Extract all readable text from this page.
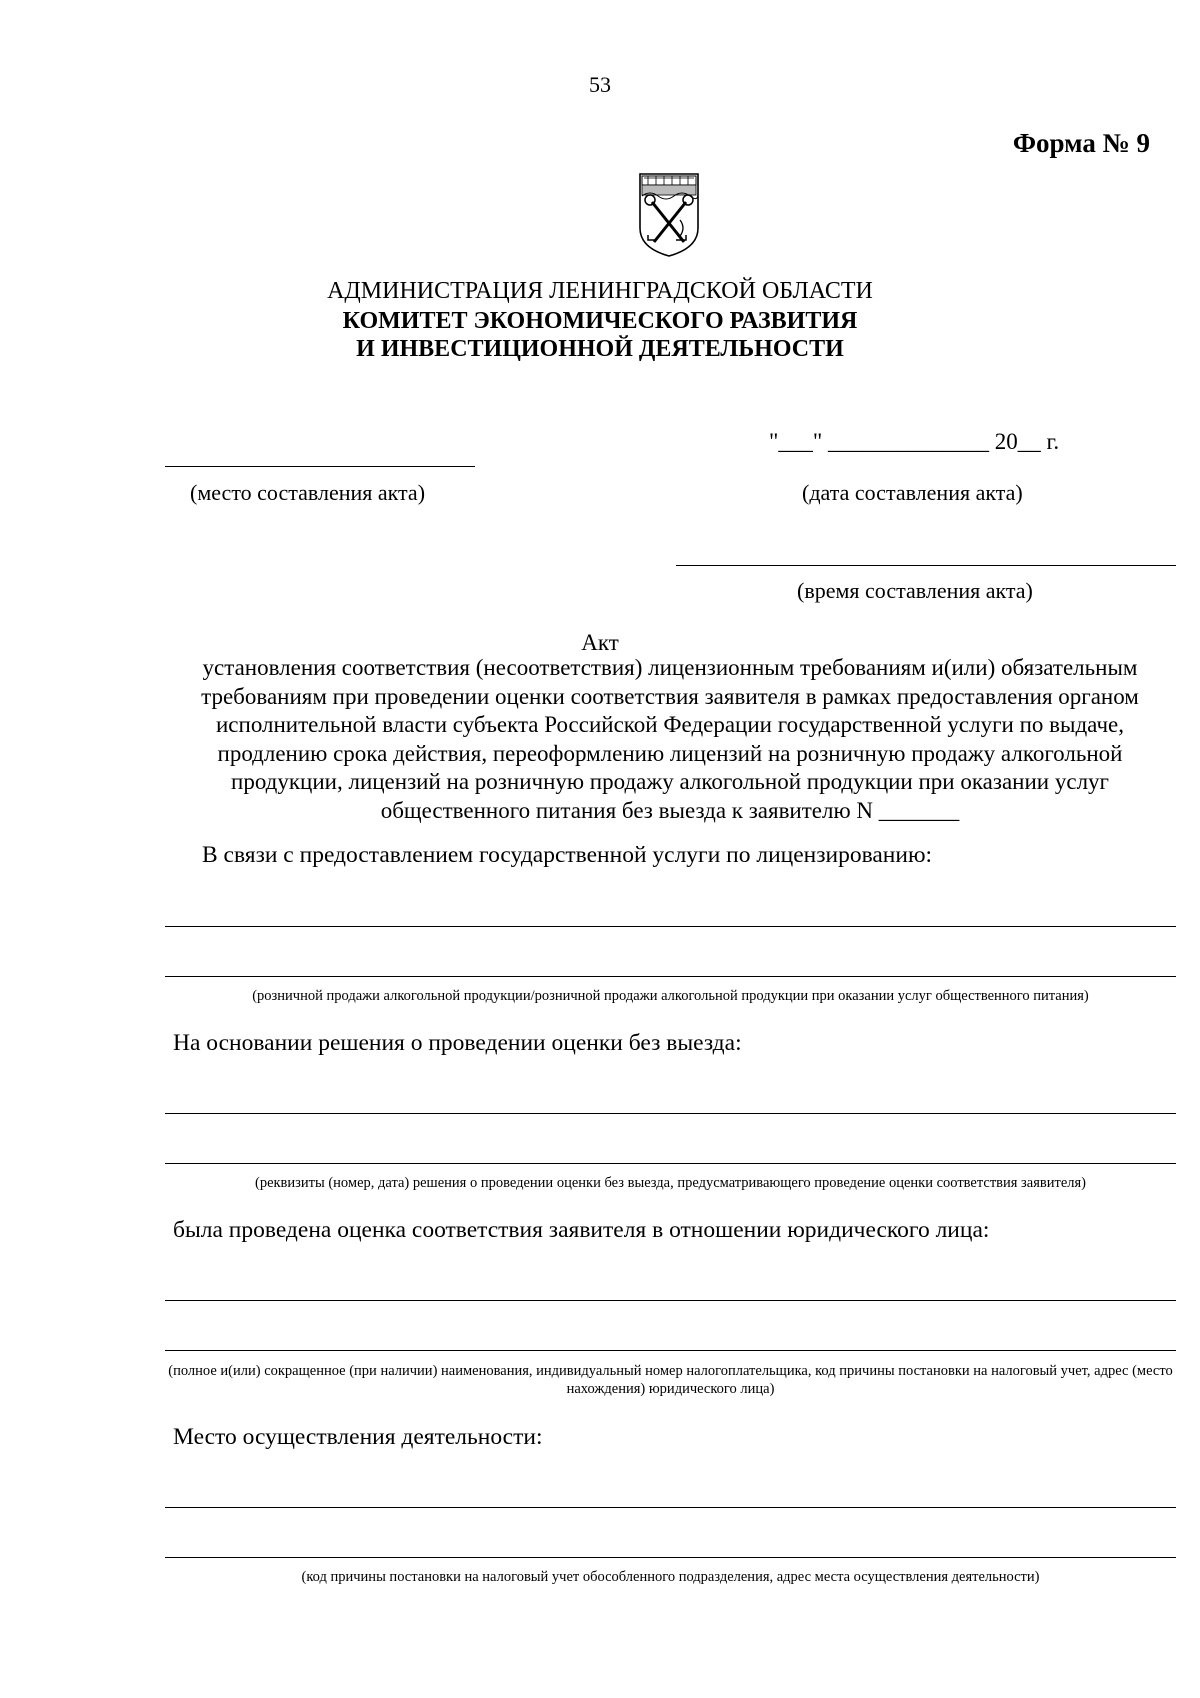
53
Форма № 9
АДМИНИСТРАЦИЯ ЛЕНИНГРАДСКОЙ ОБЛАСТИ
КОМИТЕТ ЭКОНОМИЧЕСКОГО РАЗВИТИЯ
И ИНВЕСТИЦИОННОЙ ДЕЯТЕЛЬНОСТИ
"___" ______________ 20__ г.
(место составления акта)	(дата составления акта)
(время составления акта)
Акт
установления соответствия (несоответствия) лицензионным требованиям и(или) обязательным требованиям при проведении оценки соответствия заявителя в рамках предоставления органом исполнительной власти субъекта Российской Федерации государственной услуги по выдаче, продлению срока действия, переоформлению лицензий на розничную продажу алкогольной продукции, лицензий на розничную продажу алкогольной продукции при оказании услуг общественного питания без выезда к заявителю N _______
В связи с предоставлением государственной услуги по лицензированию:
(розничной продажи алкогольной продукции/розничной продажи алкогольной продукции при оказании услуг общественного питания)
На основании решения о проведении оценки без выезда:
(реквизиты (номер, дата) решения о проведении оценки без выезда, предусматривающего проведение оценки соответствия заявителя)
была проведена оценка соответствия заявителя в отношении юридического лица:
(полное и(или) сокращенное (при наличии) наименования, индивидуальный номер налогоплательщика, код причины постановки на налоговый учет, адрес (место нахождения) юридического лица)
Место осуществления деятельности:
(код причины постановки на налоговый учет обособленного подразделения, адрес места осуществления деятельности)
